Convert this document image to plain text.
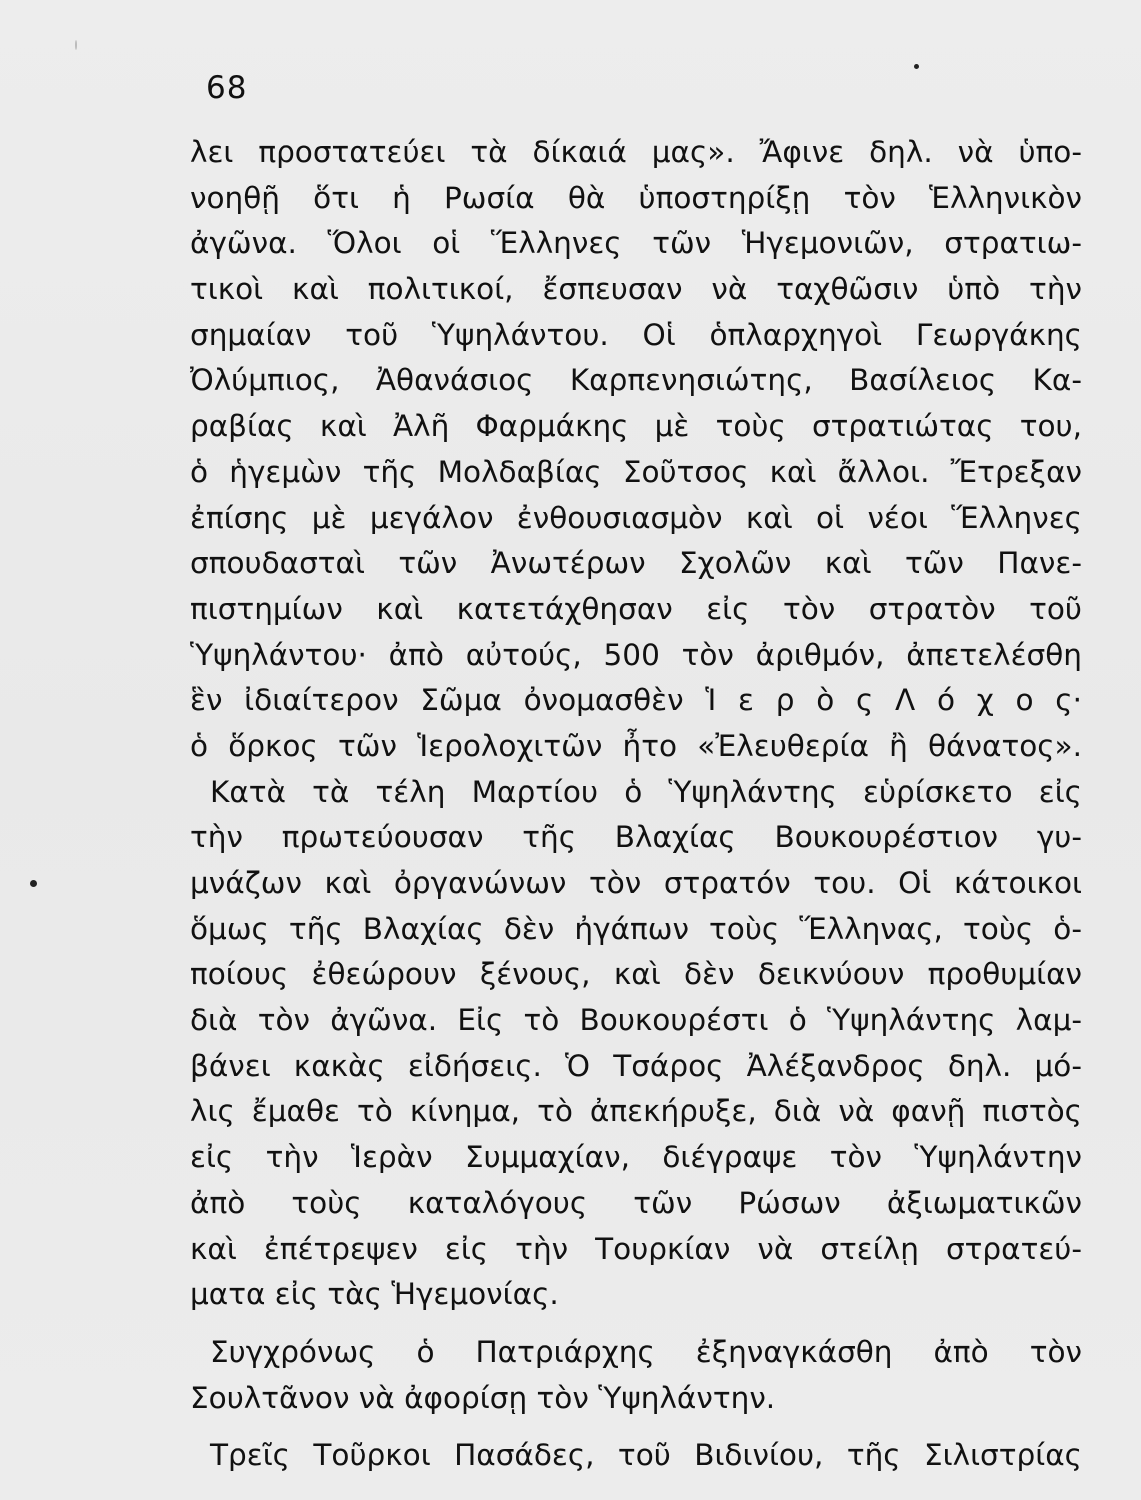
68
λει προστατεύει τὰ δίκαιά μας». Ἄφινε δηλ. νὰ ὑπο-
νοηθῇ ὅτι ἡ Ρωσία θὰ ὑποστηρίξῃ τὸν Ἑλληνικὸν
ἀγῶνα. Ὅλοι οἱ Ἕλληνες τῶν Ἡγεμονιῶν, στρατιω-
τικοὶ καὶ πολιτικοί, ἔσπευσαν νὰ ταχθῶσιν ὑπὸ τὴν
σημαίαν τοῦ Ὑψηλάντου. Οἱ ὁπλαρχηγοὶ Γεωργάκης
Ὀλύμπιος, Ἀθανάσιος Καρπενησιώτης, Βασίλειος Κα-
ραβίας καὶ Ἀλῆ Φαρμάκης μὲ τοὺς στρατιώτας του,
ὁ ἡγεμὼν τῆς Μολδαβίας Σοῦτσος καὶ ἄλλοι. Ἔτρεξαν
ἐπίσης μὲ μεγάλον ἐνθουσιασμὸν καὶ οἱ νέοι Ἕλληνες
σπουδασταὶ τῶν Ἀνωτέρων Σχολῶν καὶ τῶν Πανε-
πιστημίων καὶ κατετάχθησαν εἰς τὸν στρατὸν τοῦ
Ὑψηλάντου· ἀπὸ αὐτούς, 500 τὸν ἀριθμόν, ἀπετελέσθη
ἓν ἰδιαίτερον Σῶμα ὀνομασθὲν Ἱ ε ρ ὸ ς Λ ό χ ο ς·
ὁ ὅρκος τῶν Ἱερολοχιτῶν ἦτο «Ἐλευθερία ἢ θάνατος».
Κατὰ τὰ τέλη Μαρτίου ὁ Ὑψηλάντης εὑρίσκετο εἰς
τὴν πρωτεύουσαν τῆς Βλαχίας Βουκουρέστιον γυ-
μνάζων καὶ ὀργανώνων τὸν στρατόν του. Οἱ κάτοικοι
ὅμως τῆς Βλαχίας δὲν ἠγάπων τοὺς Ἕλληνας, τοὺς ὁ-
ποίους ἐθεώρουν ξένους, καὶ δὲν δεικνύουν προθυμίαν
διὰ τὸν ἀγῶνα. Εἰς τὸ Βουκουρέστι ὁ Ὑψηλάντης λαμ-
βάνει κακὰς εἰδήσεις. Ὁ Τσάρος Ἀλέξανδρος δηλ. μό-
λις ἔμαθε τὸ κίνημα, τὸ ἀπεκήρυξε, διὰ νὰ φανῇ πιστὸς
εἰς τὴν Ἱερὰν Συμμαχίαν, διέγραψε τὸν Ὑψηλάντην
ἀπὸ τοὺς καταλόγους τῶν Ρώσων ἀξιωματικῶν
καὶ ἐπέτρεψεν εἰς τὴν Τουρκίαν νὰ στείλῃ στρατεύ-
ματα εἰς τὰς Ἡγεμονίας.
Συγχρόνως ὁ Πατριάρχης ἐξηναγκάσθη ἀπὸ τὸν
Σουλτᾶνον νὰ ἀφορίσῃ τὸν Ὑψηλάντην.
Τρεῖς Τοῦρκοι Πασάδες, τοῦ Βιδινίου, τῆς Σιλιστρίας
